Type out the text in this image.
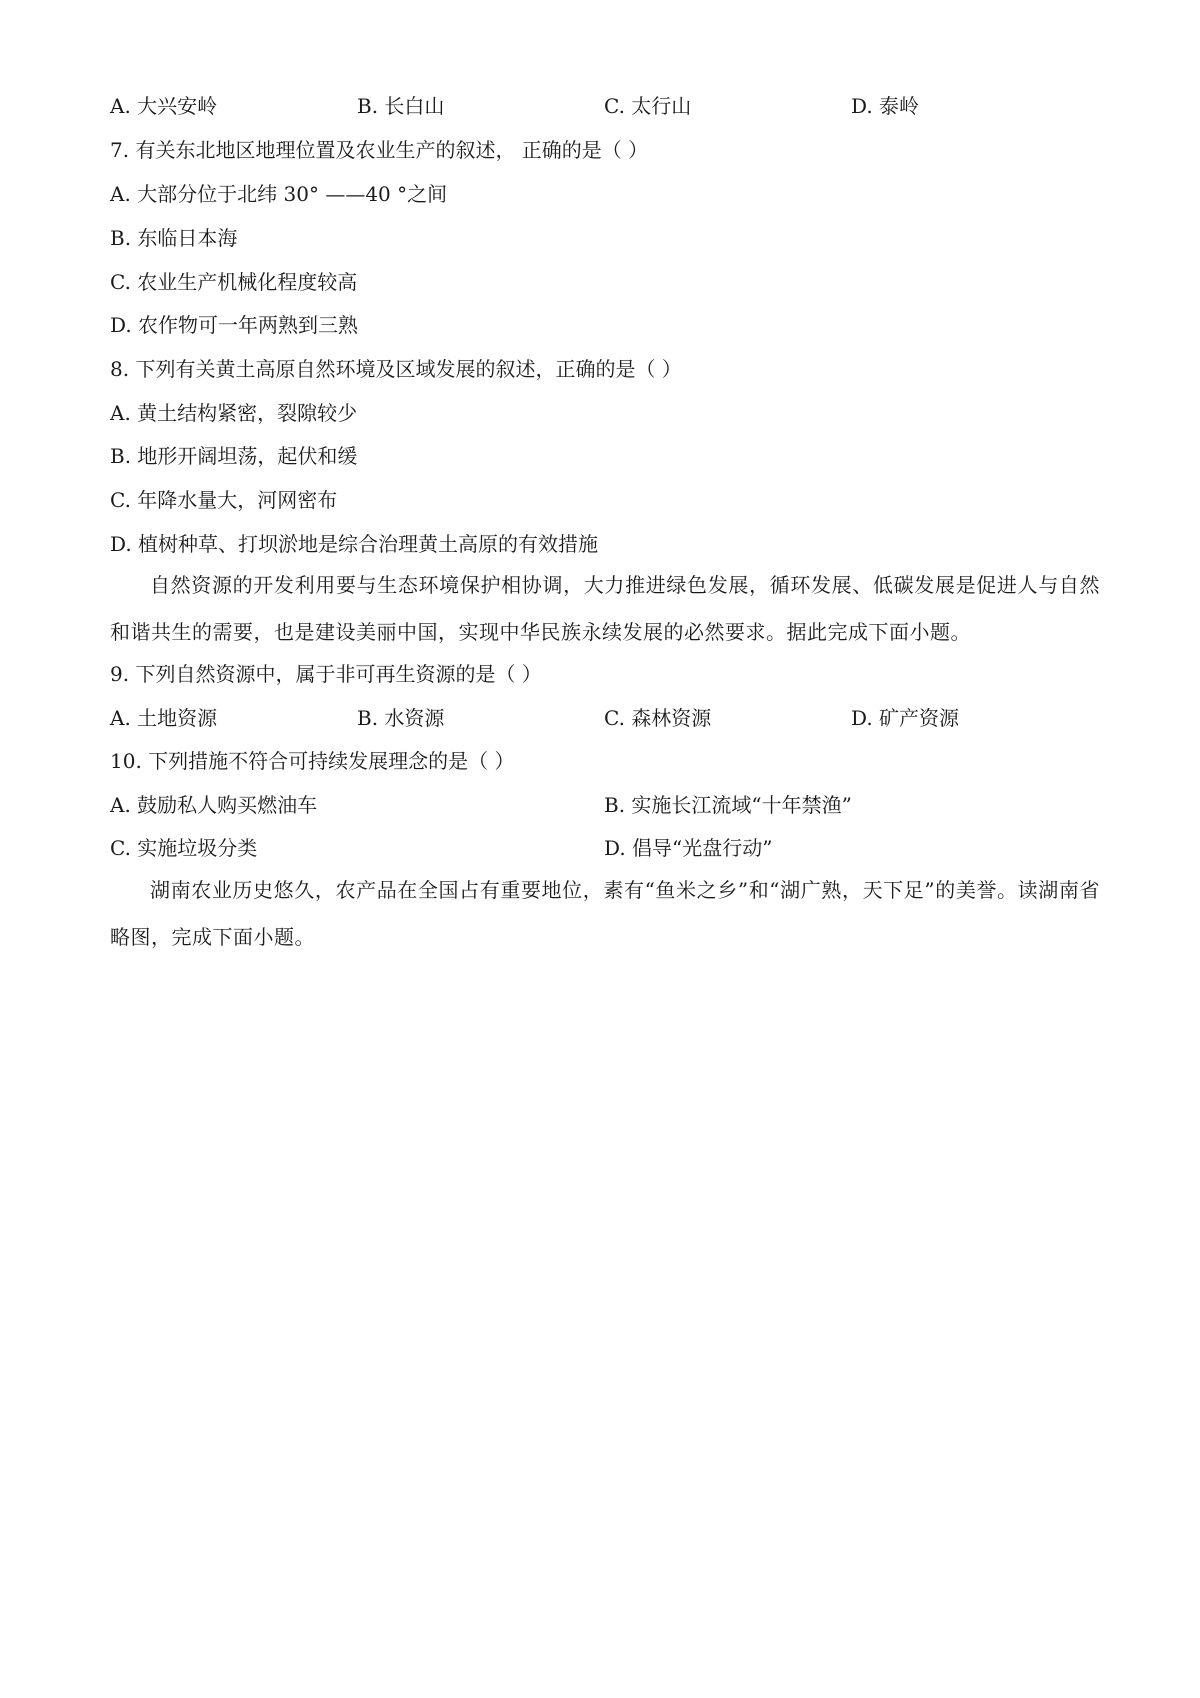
A. 大兴安岭	B. 长白山	C. 太行山	D. 泰岭
7. 有关东北地区地理位置及农业生产的叙述， 正确的是（ ）
A. 大部分位于北纬 30° ——40 °之间
B. 东临日本海
C. 农业生产机械化程度较高
D. 农作物可一年两熟到三熟
8. 下列有关黄土高原自然环境及区域发展的叙述，正确的是（ ）
A. 黄土结构紧密，裂隙较少
B. 地形开阔坦荡，起伏和缓
C. 年降水量大，河网密布
D. 植树种草、打坝淤地是综合治理黄土高原的有效措施
自然资源的开发利用要与生态环境保护相协调，大力推进绿色发展，循环发展、低碳发展是促进人与自然和谐共生的需要，也是建设美丽中国，实现中华民族永续发展的必然要求。据此完成下面小题。
9. 下列自然资源中，属于非可再生资源的是（ ）
A. 土地资源	B. 水资源	C. 森林资源	D. 矿产资源
10. 下列措施不符合可持续发展理念的是（ ）
A. 鼓励私人购买燃油车	B. 实施长江流域“十年禁渔”
C. 实施垃圾分类	D. 倡导“光盘行动”
湖南农业历史悠久，农产品在全国占有重要地位，素有“鱼米之乡”和“湖广熟，天下足”的美誉。读湖南省略图，完成下面小题。
